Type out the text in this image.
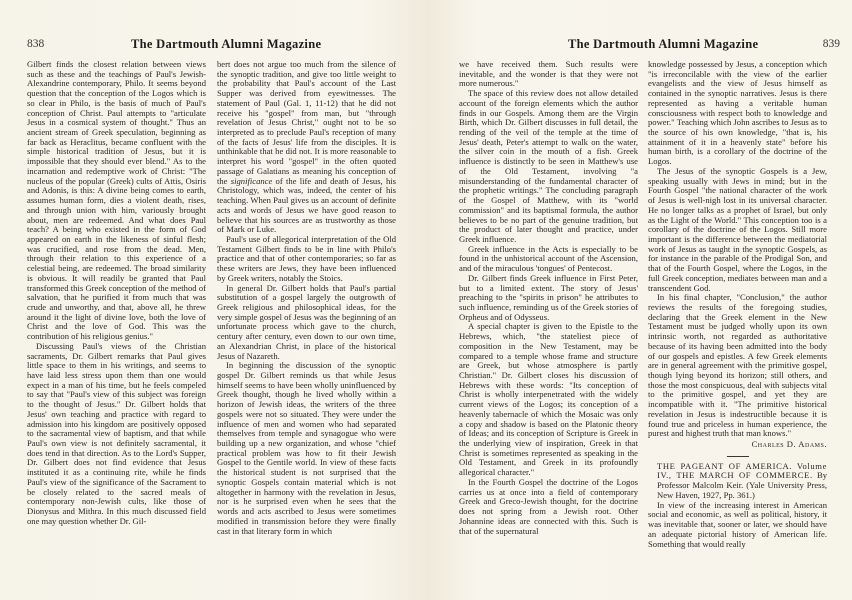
838	The Dartmouth Alumni Magazine

Gilbert finds the closest relation between views such as these and the teachings of Paul's Jewish-Alexandrine contemporary, Philo. It seems beyond question that the conception of the Logos which is so clear in Philo, is the basis of much of Paul's conception of Christ. Paul attempts to "articulate Jesus in a cosmical system of thought." Thus an ancient stream of Greek speculation, beginning as far back as Heraclitus, became confluent with the simple historical tradition of Jesus, but it is impossible that they should ever blend." As to the incarnation and redemptive work of Christ: "The nucleus of the popular (Greek) cults of Attis, Osiris and Adonis, is this: A divine being comes to earth, assumes human form, dies a violent death, rises, and through union with him, variously brought about, men are redeemed. And what does Paul teach? A being who existed in the form of God appeared on earth in the likeness of sinful flesh; was crucified, and rose from the dead. Men, through their relation to this experience of a celestial being, are redeemed. The broad similarity is obvious. It will readily be granted that Paul transformed this Greek conception of the method of salvation, that he purified it from much that was crude and unworthy, and that, above all, he threw around it the light of divine love, both the love of Christ and the love of God. This was the contribution of his religious genius."

Discussing Paul's views of the Christian sacraments, Dr. Gilbert remarks that Paul gives little space to them in his writings, and seems to have laid less stress upon them than one would expect in a man of his time, but he feels compeled to say that "Paul's view of this subject was foreign to the thought of Jesus." Dr. Gilbert holds that Jesus' own teaching and practice with regard to admission into his kingdom are positively opposed to the sacramental view of baptism, and that while Paul's own view is not definitely sacramental, it does tend in that direction. As to the Lord's Supper, Dr. Gilbert does not find evidence that Jesus instituted it as a continuing rite, while he finds Paul's view of the significance of the Sacrament to be closely related to the sacred meals of contemporary non-Jewish cults, like those of Dionysus and Mithra. In this much discussed field one may question whether Dr. Gil-

bert does not argue too much from the silence of the synoptic tradition, and give too little weight to the probability that Paul's account of the Last Supper was derived from eyewitnesses. The statement of Paul (Gal. 1, 11-12) that he did not receive his "gospel" from man, but "through revelation of Jesus Christ," ought not to be so interpreted as to preclude Paul's reception of many of the facts of Jesus' life from the disciples. It is unthinkable that he did not. It is more reasonable to interpret his word "gospel" in the often quoted passage of Galatians as meaning his conception of the significance of the life and death of Jesus, his Christology, which was, indeed, the center of his teaching. When Paul gives us an account of definite acts and words of Jesus we have good reason to believe that his sources are as trustworthy as those of Mark or Luke.

Paul's use of allegorical interpretation of the Old Testament Gilbert finds to be in line with Philo's practice and that of other contemporaries; so far as these writers are Jews, they have been influenced by Greek writers, notably the Stoics.

In general Dr. Gilbert holds that Paul's partial substitution of a gospel largely the outgrowth of Greek religious and philosophical ideas, for the very simple gospel of Jesus was the beginning of an unfortunate process which gave to the church, century after century, even down to our own time, an Alexandrian Christ, in place of the historical Jesus of Nazareth.

In beginning the discussion of the synoptic gospel Dr. Gilbert reminds us that while Jesus himself seems to have been wholly uninfluenced by Greek thought, though he lived wholly within a horizon of Jewish ideas, the writers of the three gospels were not so situated. They were under the influence of men and women who had separated themselves from temple and synagogue who were building up a new organization, and whose "chief practical problem was how to fit their Jewish Gospel to the Gentile world. In view of these facts the historical student is not surprised that the synoptic Gospels contain material which is not altogether in harmony with the revelation in Jesus, nor is he surprised even when he sees that the words and acts ascribed to Jesus were sometimes modified in transmission before they were finally cast in that literary form in which

The Dartmouth Alumni Magazine	839

we have received them. Such results were inevitable, and the wonder is that they were not more numerous."

The space of this review does not allow detailed account of the foreign elements which the author finds in our Gospels. Among them are the Virgin Birth, which Dr. Gilbert discusses in full detail, the rending of the veil of the temple at the time of Jesus' death, Peter's attempt to walk on the water, the silver coin in the mouth of a fish. Greek influence is distinctly to be seen in Matthew's use of the Old Testament, involving "a misunderstanding of the fundamental character of the prophetic writings." The concluding paragraph of the Gospel of Matthew, with its "world commission" and its baptismal formula, the author believes to be no part of the genuine tradition, but the product of later thought and practice, under Greek influence.

Greek influence in the Acts is especially to be found in the unhistorical account of the Ascension, and of the miraculous 'tongues' of Pentecost.

Dr. Gilbert finds Greek influence in First Peter, but to a limited extent. The story of Jesus' preaching to the "spirits in prison" he attributes to such influence, reminding us of the Greek stories of Orpheus and of Odysseus.

A special chapter is given to the Epistle to the Hebrews, which, "the stateliest piece of composition in the New Testament, may be compared to a temple whose frame and structure are Greek, but whose atmosphere is partly Christian." Dr. Gilbert closes his discussion of Hebrews with these words: "Its conception of Christ is wholly interpenetrated with the widely current views of the Logos; its conception of a heavenly tabernacle of which the Mosaic was only a copy and shadow is based on the Platonic theory of Ideas; and its conception of Scripture is Greek in the underlying view of inspiration, Greek in that Christ is sometimes represented as speaking in the Old Testament, and Greek in its profoundly allegorical character."

In the Fourth Gospel the doctrine of the Logos carries us at once into a field of contemporary Greek and Greco-Jewish thought, for the doctrine does not spring from a Jewish root. Other Johannine ideas are connected with this. Such is that of the supernatural

knowledge possessed by Jesus, a conception which "is irreconcilable with the view of the earlier evangelists and the view of Jesus himself as contained in the synoptic narratives. Jesus is there represented as having a veritable human consciousness with respect both to knowledge and power." Teaching which John ascribes to Jesus as to the source of his own knowledge, "that is, his attainment of it in a heavenly state" before his human birth, is a corollary of the doctrine of the Logos.

The Jesus of the synoptic Gospels is a Jew, speaking usually with Jews in mind; but in the Fourth Gospel "the national character of the work of Jesus is well-nigh lost in its universal character. He no longer talks as a prophet of Israel, but only as the Light of the World." This conception too is a corollary of the doctrine of the Logos. Still more important is the difference between the mediatorial work of Jesus as taught in the synoptic Gospels, as for instance in the parable of the Prodigal Son, and that of the Fourth Gospel, where the Logos, in the full Greek conception, mediates between man and a transcendent God.

In his final chapter, "Conclusion," the author reviews the results of the foregoing studies, declaring that the Greek element in the New Testament must be judged wholly upon its own intrinsic worth, not regarded as authoritative because of its having been admitted into the body of our gospels and epistles. A few Greek elements are in general agreement with the primitive gospel, though lying beyond its horizon; still others, and those the most conspicuous, deal with subjects vital to the primitive gospel, and yet they are incompatible with it. "The primitive historical revelation in Jesus is indestructible because it is found true and priceless in human experience, the purest and highest truth that man knows."

Charles D. Adams.

THE PAGEANT OF AMERICA. Volume IV., THE MARCH OF COMMERCE. By Professor Malcolm Keir. (Yale University Press, New Haven, 1927, Pp. 361.)

In view of the increasing interest in American social and economic, as well as political, history, it was inevitable that, sooner or later, we should have an adequate pictorial history of American life. Something that would really
